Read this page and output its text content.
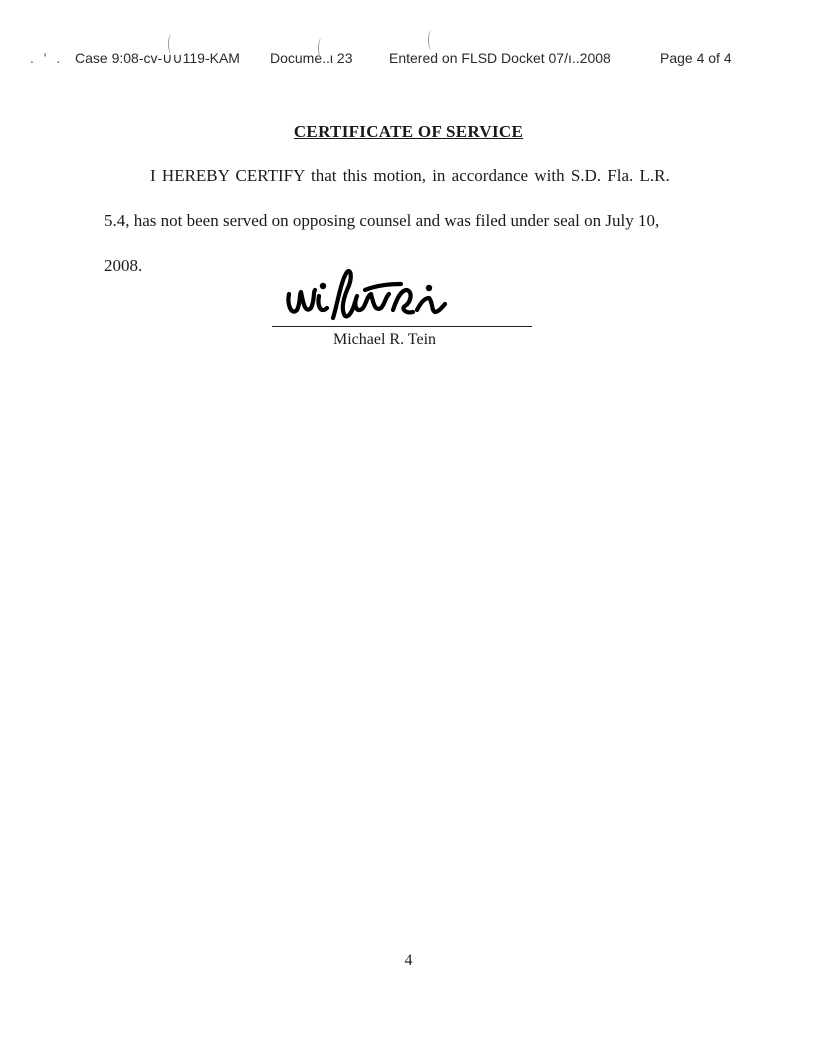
. ' . Case 9:08-cv-∪∪119-KAM Documе..ι 23	Entered on FLSD Docket 07/ı..2008	Page 4 of 4
CERTIFICATE OF SERVICE
I HEREBY CERTIFY that this motion, in accordance with S.D. Fla. L.R.
5.4, has not been served on opposing counsel and was filed under seal on July 10,
2008.
Michael R. Tein
4
